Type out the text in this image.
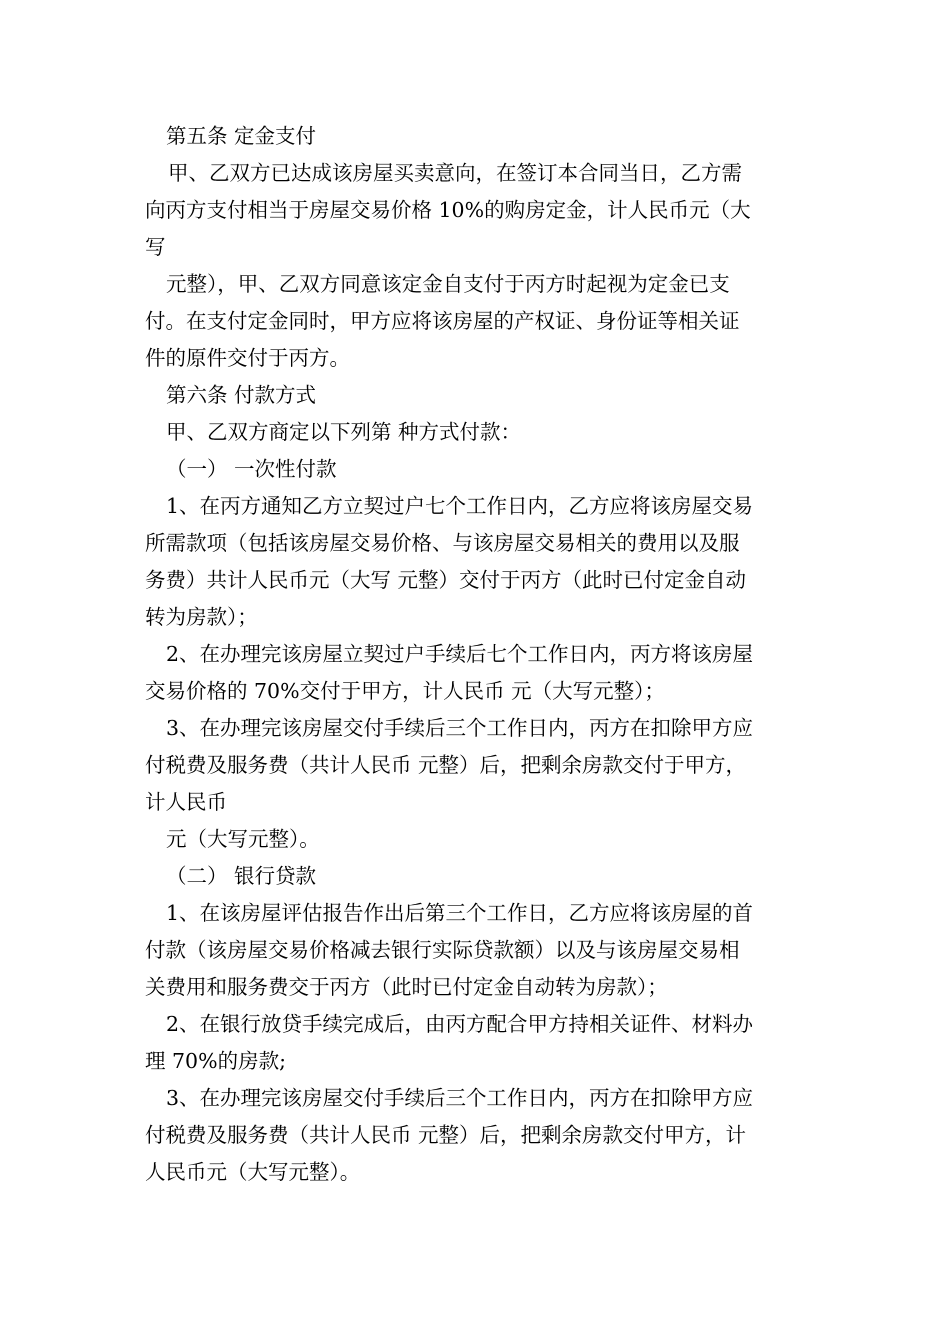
第五条 定金支付
甲、乙双方已达成该房屋买卖意向，在签订本合同当日，乙方需
向丙方支付相当于房屋交易价格 10%的购房定金，计人民币元（大
写
元整），甲、乙双方同意该定金自支付于丙方时起视为定金已支
付。在支付定金同时，甲方应将该房屋的产权证、身份证等相关证
件的原件交付于丙方。
第六条 付款方式
甲、乙双方商定以下列第 种方式付款：
（一） 一次性付款
1、在丙方通知乙方立契过户七个工作日内，乙方应将该房屋交易
所需款项（包括该房屋交易价格、与该房屋交易相关的费用以及服
务费）共计人民币元（大写 元整）交付于丙方（此时已付定金自动
转为房款）；
2、在办理完该房屋立契过户手续后七个工作日内，丙方将该房屋
交易价格的 70%交付于甲方，计人民币 元（大写元整）；
3、在办理完该房屋交付手续后三个工作日内，丙方在扣除甲方应
付税费及服务费（共计人民币 元整）后，把剩余房款交付于甲方，
计人民币
元（大写元整）。
（二） 银行贷款
1、在该房屋评估报告作出后第三个工作日，乙方应将该房屋的首
付款（该房屋交易价格减去银行实际贷款额）以及与该房屋交易相
关费用和服务费交于丙方（此时已付定金自动转为房款）；
2、在银行放贷手续完成后，由丙方配合甲方持相关证件、材料办
理 70%的房款;
3、在办理完该房屋交付手续后三个工作日内，丙方在扣除甲方应
付税费及服务费（共计人民币 元整）后，把剩余房款交付甲方，计
人民币元（大写元整）。
